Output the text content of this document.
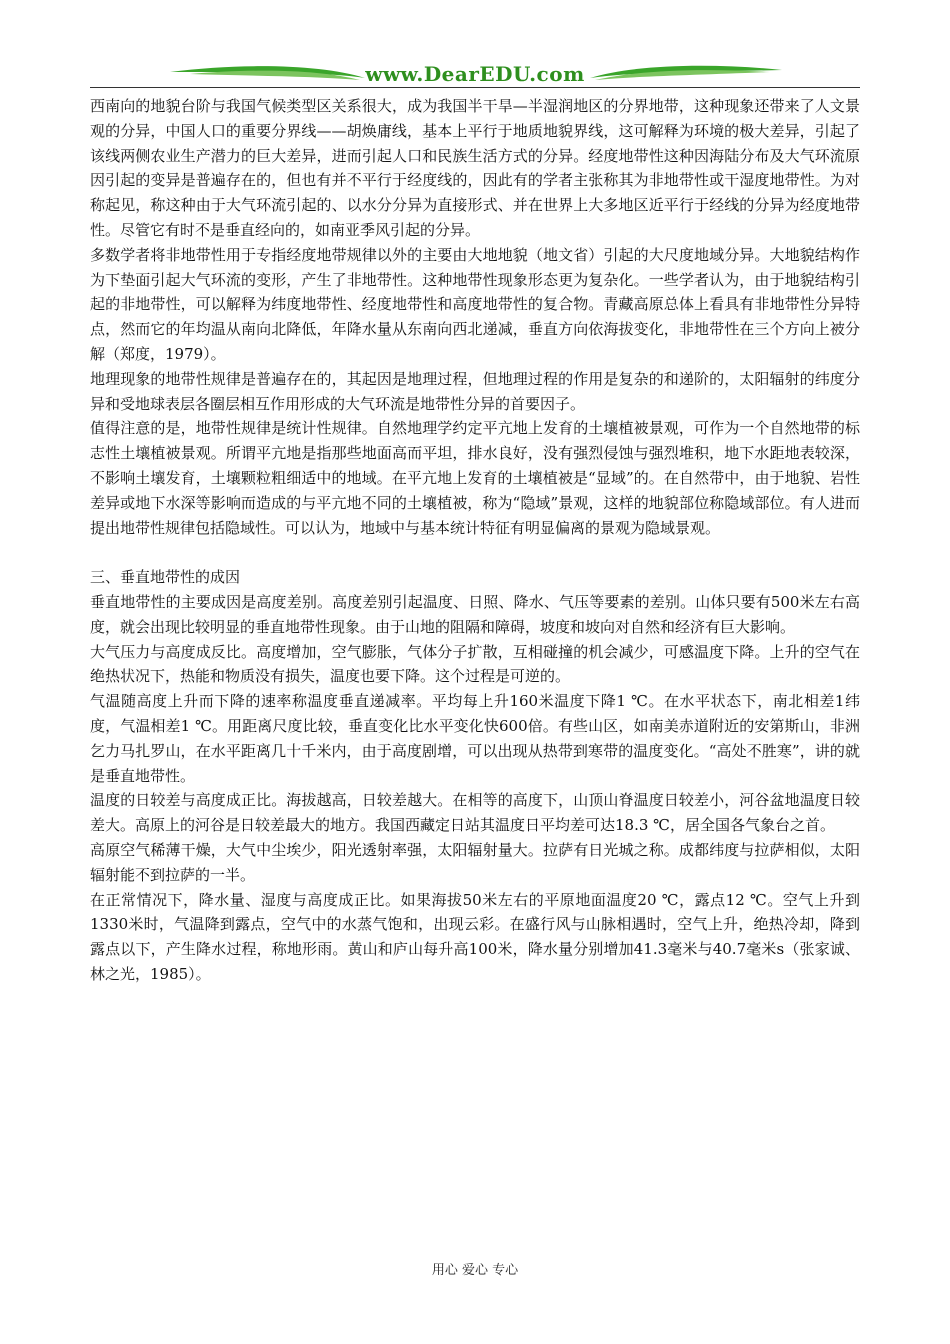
www.DearEDU.com

西南向的地貌台阶与我国气候类型区关系很大，成为我国半干旱—半湿润地区的分界地带，这种现象还带来了人文景观的分异，中国人口的重要分界线——胡焕庸线，基本上平行于地质地貌界线，这可解释为环境的极大差异，引起了该线两侧农业生产潜力的巨大差异，进而引起人口和民族生活方式的分异。经度地带性这种因海陆分布及大气环流原因引起的变异是普遍存在的，但也有并不平行于经度线的，因此有的学者主张称其为非地带性或干湿度地带性。为对称起见，称这种由于大气环流引起的、以水分分异为直接形式、并在世界上大多地区近平行于经线的分异为经度地带性。尽管它有时不是垂直经向的，如南亚季风引起的分异。

多数学者将非地带性用于专指经度地带规律以外的主要由大地地貌（地文省）引起的大尺度地域分异。大地貌结构作为下垫面引起大气环流的变形，产生了非地带性。这种地带性现象形态更为复杂化。一些学者认为，由于地貌结构引起的非地带性，可以解释为纬度地带性、经度地带性和高度地带性的复合物。青藏高原总体上看具有非地带性分异特点，然而它的年均温从南向北降低，年降水量从东南向西北递减，垂直方向依海拔变化，非地带性在三个方向上被分解（郑度，1979）。

地理现象的地带性规律是普遍存在的，其起因是地理过程，但地理过程的作用是复杂的和递阶的，太阳辐射的纬度分异和受地球表层各圈层相互作用形成的大气环流是地带性分异的首要因子。

值得注意的是，地带性规律是统计性规律。自然地理学约定平亢地上发育的土壤植被景观，可作为一个自然地带的标志性土壤植被景观。所谓平亢地是指那些地面高而平坦，排水良好，没有强烈侵蚀与强烈堆积，地下水距地表较深，不影响土壤发育，土壤颗粒粗细适中的地域。在平亢地上发育的土壤植被是“显域”的。在自然带中，由于地貌、岩性差异或地下水深等影响而造成的与平亢地不同的土壤植被，称为“隐域”景观，这样的地貌部位称隐域部位。有人进而提出地带性规律包括隐域性。可以认为，地域中与基本统计特征有明显偏离的景观为隐域景观。

三、垂直地带性的成因

垂直地带性的主要成因是高度差别。高度差别引起温度、日照、降水、气压等要素的差别。山体只要有500米左右高度，就会出现比较明显的垂直地带性现象。由于山地的阻隔和障碍，坡度和坡向对自然和经济有巨大影响。

大气压力与高度成反比。高度增加，空气膨胀，气体分子扩散，互相碰撞的机会减少，可感温度下降。上升的空气在绝热状况下，热能和物质没有损失，温度也要下降。这个过程是可逆的。

气温随高度上升而下降的速率称温度垂直递减率。平均每上升160米温度下降1 ℃。在水平状态下，南北相差1纬度，气温相差1 ℃。用距离尺度比较，垂直变化比水平变化快600倍。有些山区，如南美赤道附近的安第斯山，非洲乞力马扎罗山，在水平距离几十千米内，由于高度剧增，可以出现从热带到寒带的温度变化。“高处不胜寒”，讲的就是垂直地带性。

温度的日较差与高度成正比。海拔越高，日较差越大。在相等的高度下，山顶山脊温度日较差小，河谷盆地温度日较差大。高原上的河谷是日较差最大的地方。我国西藏定日站其温度日平均差可达18.3 ℃，居全国各气象台之首。

高原空气稀薄干燥，大气中尘埃少，阳光透射率强，太阳辐射量大。拉萨有日光城之称。成都纬度与拉萨相似，太阳辐射能不到拉萨的一半。

在正常情况下，降水量、湿度与高度成正比。如果海拔50米左右的平原地面温度20 ℃，露点12 ℃。空气上升到1330米时，气温降到露点，空气中的水蒸气饱和，出现云彩。在盛行风与山脉相遇时，空气上升，绝热冷却，降到露点以下，产生降水过程，称地形雨。黄山和庐山每升高100米，降水量分别增加41.3毫米与40.7毫米s（张家诚、林之光，1985）。

用心 爱心 专心
